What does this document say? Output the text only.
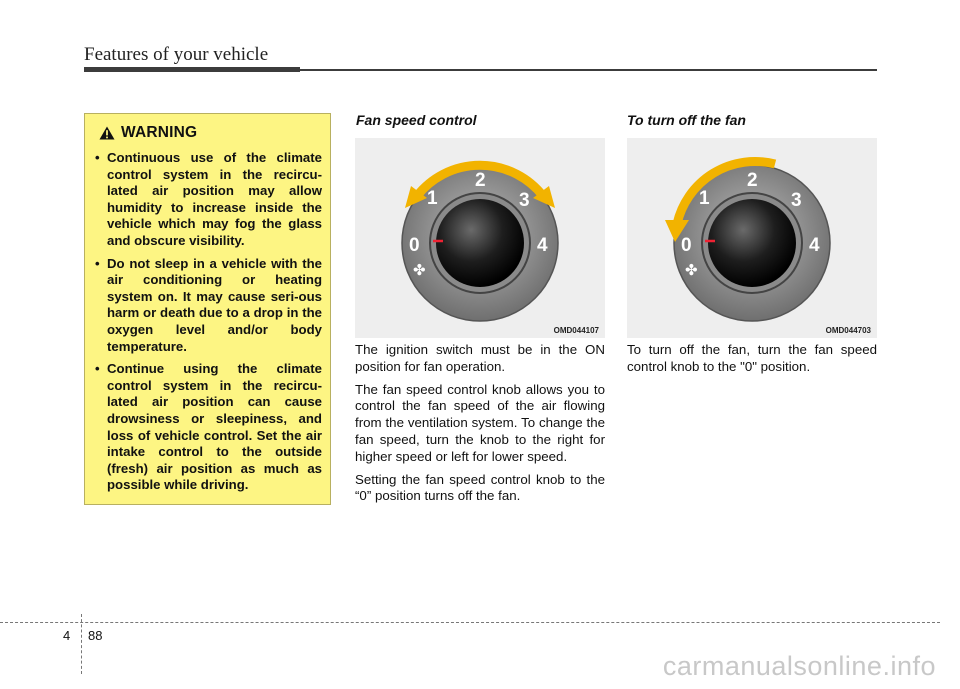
Features of your vehicle
WARNING
• Continuous use of the climate control system in the recircu-lated air position may allow humidity to increase inside the vehicle which may fog the glass and obscure visibility.
• Do not sleep in a vehicle with the air conditioning or heating system on. It may cause seri-ous harm or death due to a drop in the oxygen level and/or body temperature.
• Continue using the climate control system in the recircu-lated air position can cause drowsiness or sleepiness, and loss of vehicle control. Set the air intake control to the outside (fresh) air position as much as possible while driving.
Fan speed control
0
1
2
3
4
✤
OMD044107

The ignition switch must be in the ON position for fan operation.

The fan speed control knob allows you to control the fan speed of the air flowing from the ventilation system. To change the fan speed, turn the knob to the right for higher speed or left for lower speed.

Setting the fan speed control knob to the “0” position turns off the fan.

To turn off the fan
0
1
2
3
4
✤
OMD044703

To turn off the fan, turn the fan speed control knob to the "0" position.

4 88
carmanualsonline.info
